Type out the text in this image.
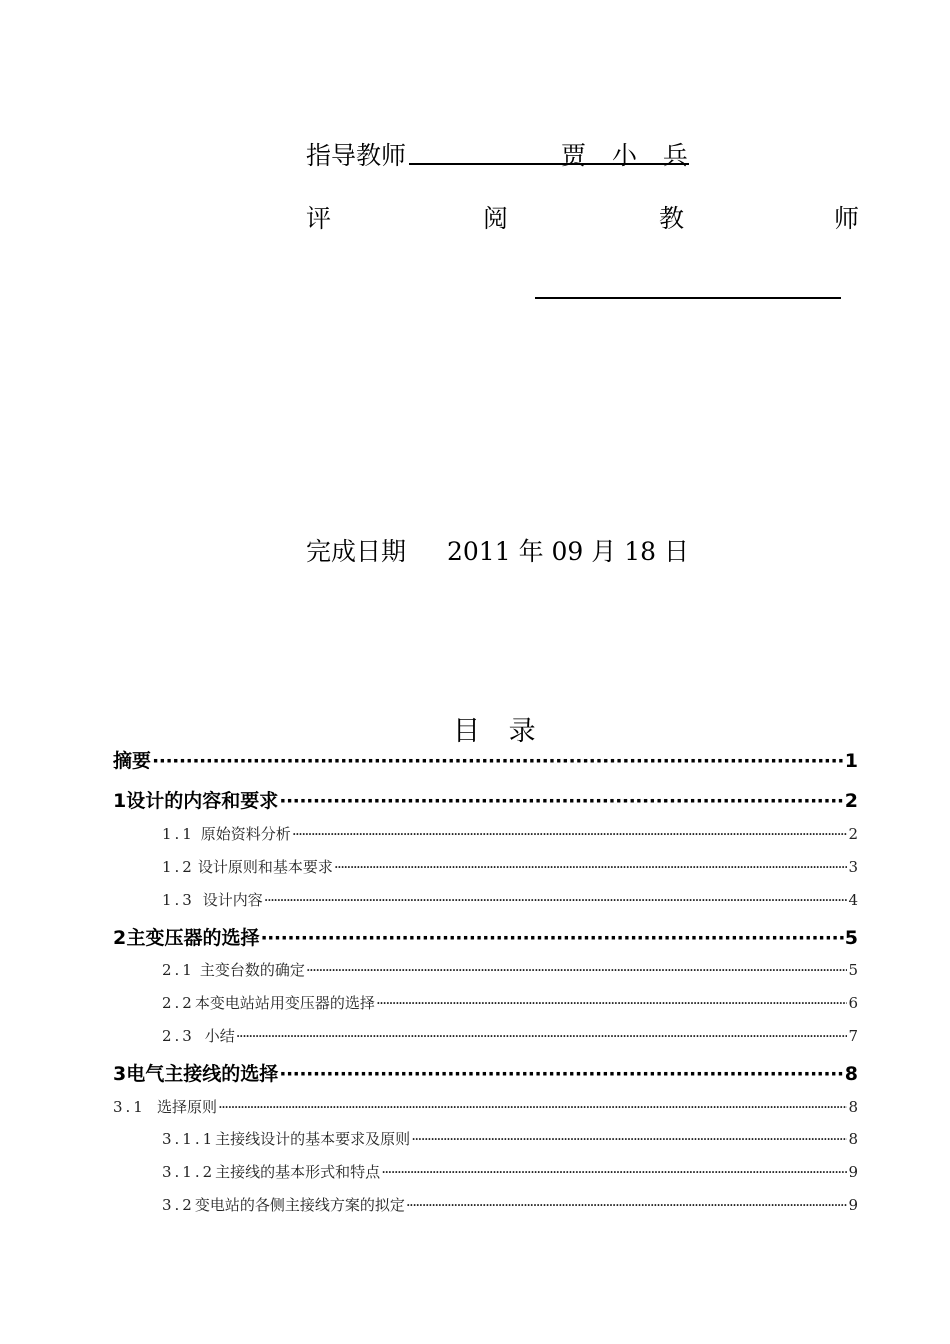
指导教师	贾 小 兵
评	阅	教	师
完成日期 2011 年 09 月 18 日
目 录
摘要 ·····	1
1 设计的内容和要求 ·····	2
1.1 原始资料分析 ·····	2
1.2 设计原则和基本要求 ·····	3
1.3 设计内容 ·····	4
2 主变压器的选择 ·····	5
2.1 主变台数的确定 ·····	5
2.2 本变电站站用变压器的选择 ·····	6
2.3 小结 ·····	7
3 电气主接线的选择 ·····	8
3.1 选择原则 ·····	8
3.1.1 主接线设计的基本要求及原则 ·····	8
3.1.2 主接线的基本形式和特点 ·····	9
3.2 变电站的各侧主接线方案的拟定 ·····	9
